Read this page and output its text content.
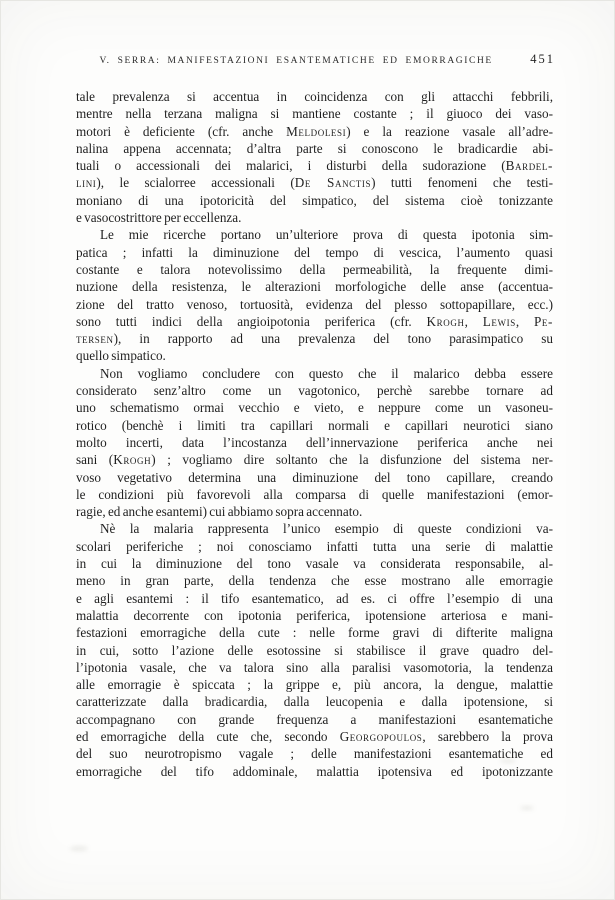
V. SERRA: MANIFESTAZIONI ESANTEMATICHE ED EMORRAGICHE	451
tale prevalenza si accentua in coincidenza con gli attacchi febbrili,
mentre nella terzana maligna si mantiene costante ; il giuoco dei vaso-
motori è deficiente (cfr. anche Meldolesi) e la reazione vasale all’adre-
nalina appena accennata; d’altra parte si conoscono le bradicardie abi-
tuali o accessionali dei malarici, i disturbi della sudorazione (Bardel-
lini), le scialorree accessionali (De Sanctis) tutti fenomeni che testi-
moniano di una ipotoricità del simpatico, del sistema cioè tonizzante
e vasocostrittore per eccellenza.
Le mie ricerche portano un’ulteriore prova di questa ipotonia sim-
patica ; infatti la diminuzione del tempo di vescica, l’aumento quasi
costante e talora notevolissimo della permeabilità, la frequente dimi-
nuzione della resistenza, le alterazioni morfologiche delle anse (accentua-
zione del tratto venoso, tortuosità, evidenza del plesso sottopapillare, ecc.)
sono tutti indici della angioipotonia periferica (cfr. Krogh, Lewis, Pe-
tersen), in rapporto ad una prevalenza del tono parasimpatico su
quello simpatico.
Non vogliamo concludere con questo che il malarico debba essere
considerato senz’altro come un vagotonico, perchè sarebbe tornare ad
uno schematismo ormai vecchio e vieto, e neppure come un vasoneu-
rotico (benchè i limiti tra capillari normali e capillari neurotici siano
molto incerti, data l’incostanza dell’innervazione periferica anche nei
sani (Krogh) ; vogliamo dire soltanto che la disfunzione del sistema ner-
voso vegetativo determina una diminuzione del tono capillare, creando
le condizioni più favorevoli alla comparsa di quelle manifestazioni (emor-
ragie, ed anche esantemi) cui abbiamo sopra accennato.
Nè la malaria rappresenta l’unico esempio di queste condizioni va-
scolari periferiche ; noi conosciamo infatti tutta una serie di malattie
in cui la diminuzione del tono vasale va considerata responsabile, al-
meno in gran parte, della tendenza che esse mostrano alle emorragie
e agli esantemi : il tifo esantematico, ad es. ci offre l’esempio di una
malattia decorrente con ipotonia periferica, ipotensione arteriosa e mani-
festazioni emorragiche della cute : nelle forme gravi di difterite maligna
in cui, sotto l’azione delle esotossine si stabilisce il grave quadro del-
l’ipotonia vasale, che va talora sino alla paralisi vasomotoria, la tendenza
alle emorragie è spiccata ; la grippe e, più ancora, la dengue, malattie
caratterizzate dalla bradicardia, dalla leucopenia e dalla ipotensione, si
accompagnano con grande frequenza a manifestazioni esantematiche
ed emorragiche della cute che, secondo Georgopoulos, sarebbero la prova
del suo neurotropismo vagale ; delle manifestazioni esantematiche ed
emorragiche del tifo addominale, malattia ipotensiva ed ipotonizzante
